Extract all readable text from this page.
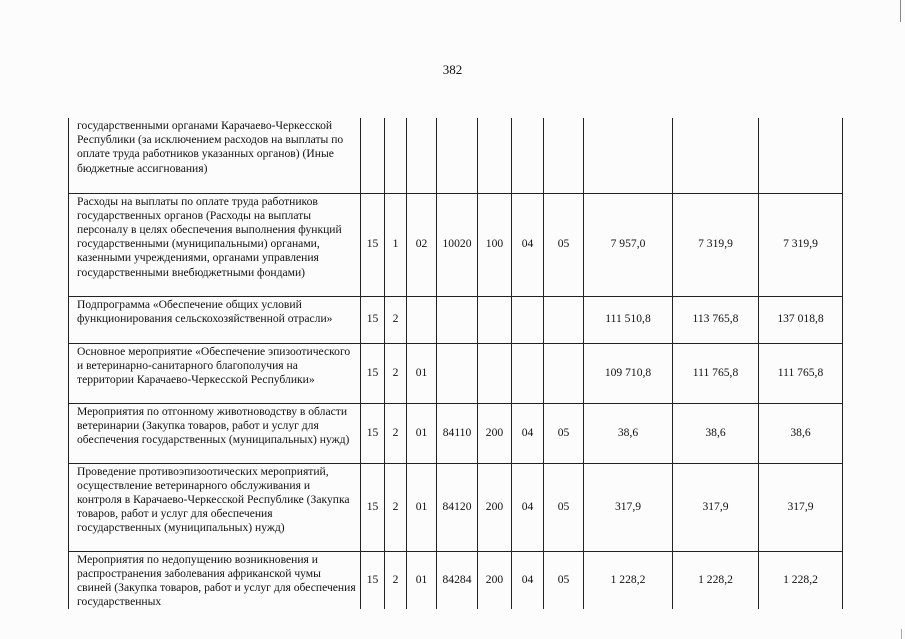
382
государственными органами Карачаево-Черкесской Республики (за исключением расходов на выплаты по оплате труда работников указанных органов) (Иные бюджетные ассигнования)										
Расходы на выплаты по оплате труда работников государственных органов (Расходы на выплаты персоналу в целях обеспечения выполнения функций государственными (муниципальными) органами, казенными учреждениями, органами управления государственными внебюджетными фондами)	15	1	02	10020	100	04	05	7 957,0	7 319,9	7 319,9
Подпрограмма «Обеспечение общих условий функционирования сельскохозяйственной отрасли»	15	2						111 510,8	113 765,8	137 018,8
Основное мероприятие «Обеспечение эпизоотического и ветеринарно-санитарного благополучия на территории Карачаево-Черкесской Республики»	15	2	01					109 710,8	111 765,8	111 765,8
Мероприятия по отгонному животноводству в области ветеринарии (Закупка товаров, работ и услуг для обеспечения государственных (муниципальных) нужд)	15	2	01	84110	200	04	05	38,6	38,6	38,6
Проведение противоэпизоотических мероприятий, осуществление ветеринарного обслуживания и контроля в Карачаево-Черкесской Республике (Закупка товаров, работ и услуг для обеспечения государственных (муниципальных) нужд)	15	2	01	84120	200	04	05	317,9	317,9	317,9
Мероприятия по недопущению возникновения и распространения заболевания африканской чумы свиней (Закупка товаров, работ и услуг для обеспечения государственных	15	2	01	84284	200	04	05	1 228,2	1 228,2	1 228,2
